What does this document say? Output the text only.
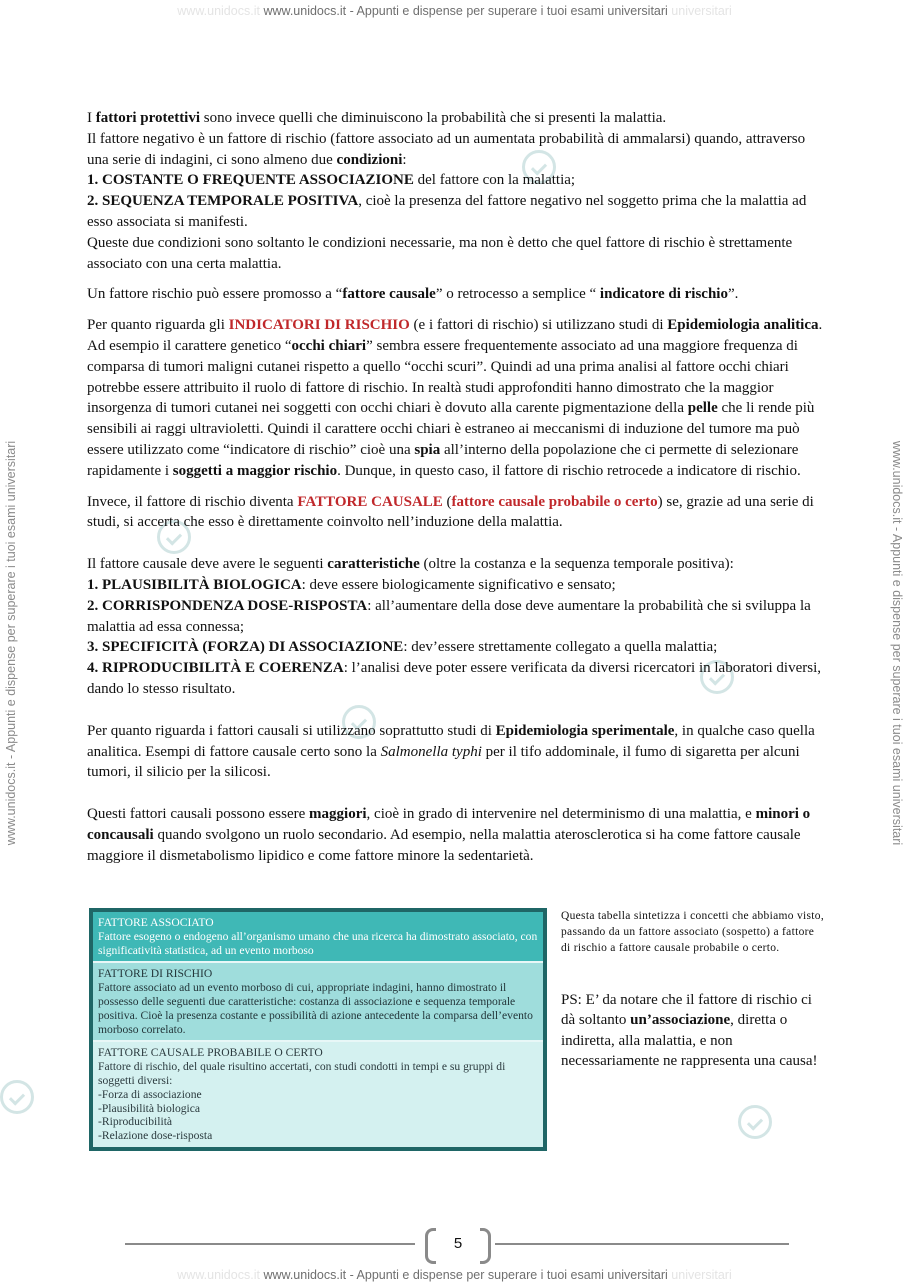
www.unidocs.it www.unidocs.it - Appunti e dispense per superare i tuoi esami universitari universitari
www.unidocs.it - Appunti e dispense per superare i tuoi esami universitari	www.unidocs.it - Appunti e dispense per superare i tuoi esami universitari

I fattori protettivi sono invece quelli che diminuiscono la probabilità che si presenti la malattia.
Il fattore negativo è un fattore di rischio (fattore associato ad un aumentata probabilità di ammalarsi) quando, attraverso una serie di indagini, ci sono almeno due condizioni:
1. COSTANTE O FREQUENTE ASSOCIAZIONE del fattore con la malattia;
2. SEQUENZA TEMPORALE POSITIVA, cioè la presenza del fattore negativo nel soggetto prima che la malattia ad esso associata si manifesti.
Queste due condizioni sono soltanto le condizioni necessarie, ma non è detto che quel fattore di rischio è strettamente associato con una certa malattia.

Un fattore rischio può essere promosso a “fattore causale” o retrocesso a semplice “ indicatore di rischio”.

Per quanto riguarda gli INDICATORI DI RISCHIO (e i fattori di rischio) si utilizzano studi di Epidemiologia analitica. Ad esempio il carattere genetico “occhi chiari” sembra essere frequentemente associato ad una maggiore frequenza di comparsa di tumori maligni cutanei rispetto a quello “occhi scuri”. Quindi ad una prima analisi al fattore occhi chiari potrebbe essere attribuito il ruolo di fattore di rischio. In realtà studi approfonditi hanno dimostrato che la maggior insorgenza di tumori cutanei nei soggetti con occhi chiari è dovuto alla carente pigmentazione della pelle che li rende più sensibili ai raggi ultravioletti. Quindi il carattere occhi chiari è estraneo ai meccanismi di induzione del tumore ma può essere utilizzato come “indicatore di rischio” cioè una spia all’interno della popolazione che ci permette di selezionare rapidamente i soggetti a maggior rischio. Dunque, in questo caso, il fattore di rischio retrocede a indicatore di rischio.

Invece, il fattore di rischio diventa FATTORE CAUSALE (fattore causale probabile o certo) se, grazie ad una serie di studi, si accerta che esso è direttamente coinvolto nell’induzione della malattia.

Il fattore causale deve avere le seguenti caratteristiche (oltre la costanza e la sequenza temporale positiva):
1. PLAUSIBILITÀ BIOLOGICA: deve essere biologicamente significativo e sensato;
2. CORRISPONDENZA DOSE-RISPOSTA: all’aumentare della dose deve aumentare la probabilità che si sviluppa la malattia ad essa connessa;
3. SPECIFICITÀ (FORZA) DI ASSOCIAZIONE: dev’essere strettamente collegato a quella malattia;
4. RIPRODUCIBILITÀ E COERENZA: l’analisi deve poter essere verificata da diversi ricercatori in laboratori diversi, dando lo stesso risultato.

Per quanto riguarda i fattori causali si utilizzano soprattutto studi di Epidemiologia sperimentale, in qualche caso quella analitica. Esempi di fattore causale certo sono la Salmonella typhi per il tifo addominale, il fumo di sigaretta per alcuni tumori, il silicio per la silicosi.

Questi fattori causali possono essere maggiori, cioè in grado di intervenire nel determinismo di una malattia, e minori o concausali quando svolgono un ruolo secondario. Ad esempio, nella malattia aterosclerotica si ha come fattore causale maggiore il dismetabolismo lipidico e come fattore minore la sedentarietà.

FATTORE ASSOCIATO
Fattore esogeno o endogeno all’organismo umano che una ricerca ha dimostrato associato, con significatività statistica, ad un evento morboso
FATTORE DI RISCHIO
Fattore associato ad un evento morboso di cui, appropriate indagini, hanno dimostrato il possesso delle seguenti due caratteristiche: costanza di associazione e sequenza temporale positiva. Cioè la presenza costante e possibilità di azione antecedente la comparsa dell’evento morboso correlato.
FATTORE CAUSALE PROBABILE O CERTO
Fattore di rischio, del quale risultino accertati, con studi condotti in tempi e su gruppi di soggetti diversi:
-Forza di associazione
-Plausibilità biologica
-Riproducibilità
-Relazione dose-risposta
Questa tabella sintetizza i concetti che abbiamo visto, passando da un fattore associato (sospetto) a fattore di rischio a fattore causale probabile o certo.
PS: E’ da notare che il fattore di rischio ci dà soltanto un’associazione, diretta o indiretta, alla malattia, e non necessariamente ne rappresenta una causa!
5
www.unidocs.it www.unidocs.it - Appunti e dispense per superare i tuoi esami universitari universitari
